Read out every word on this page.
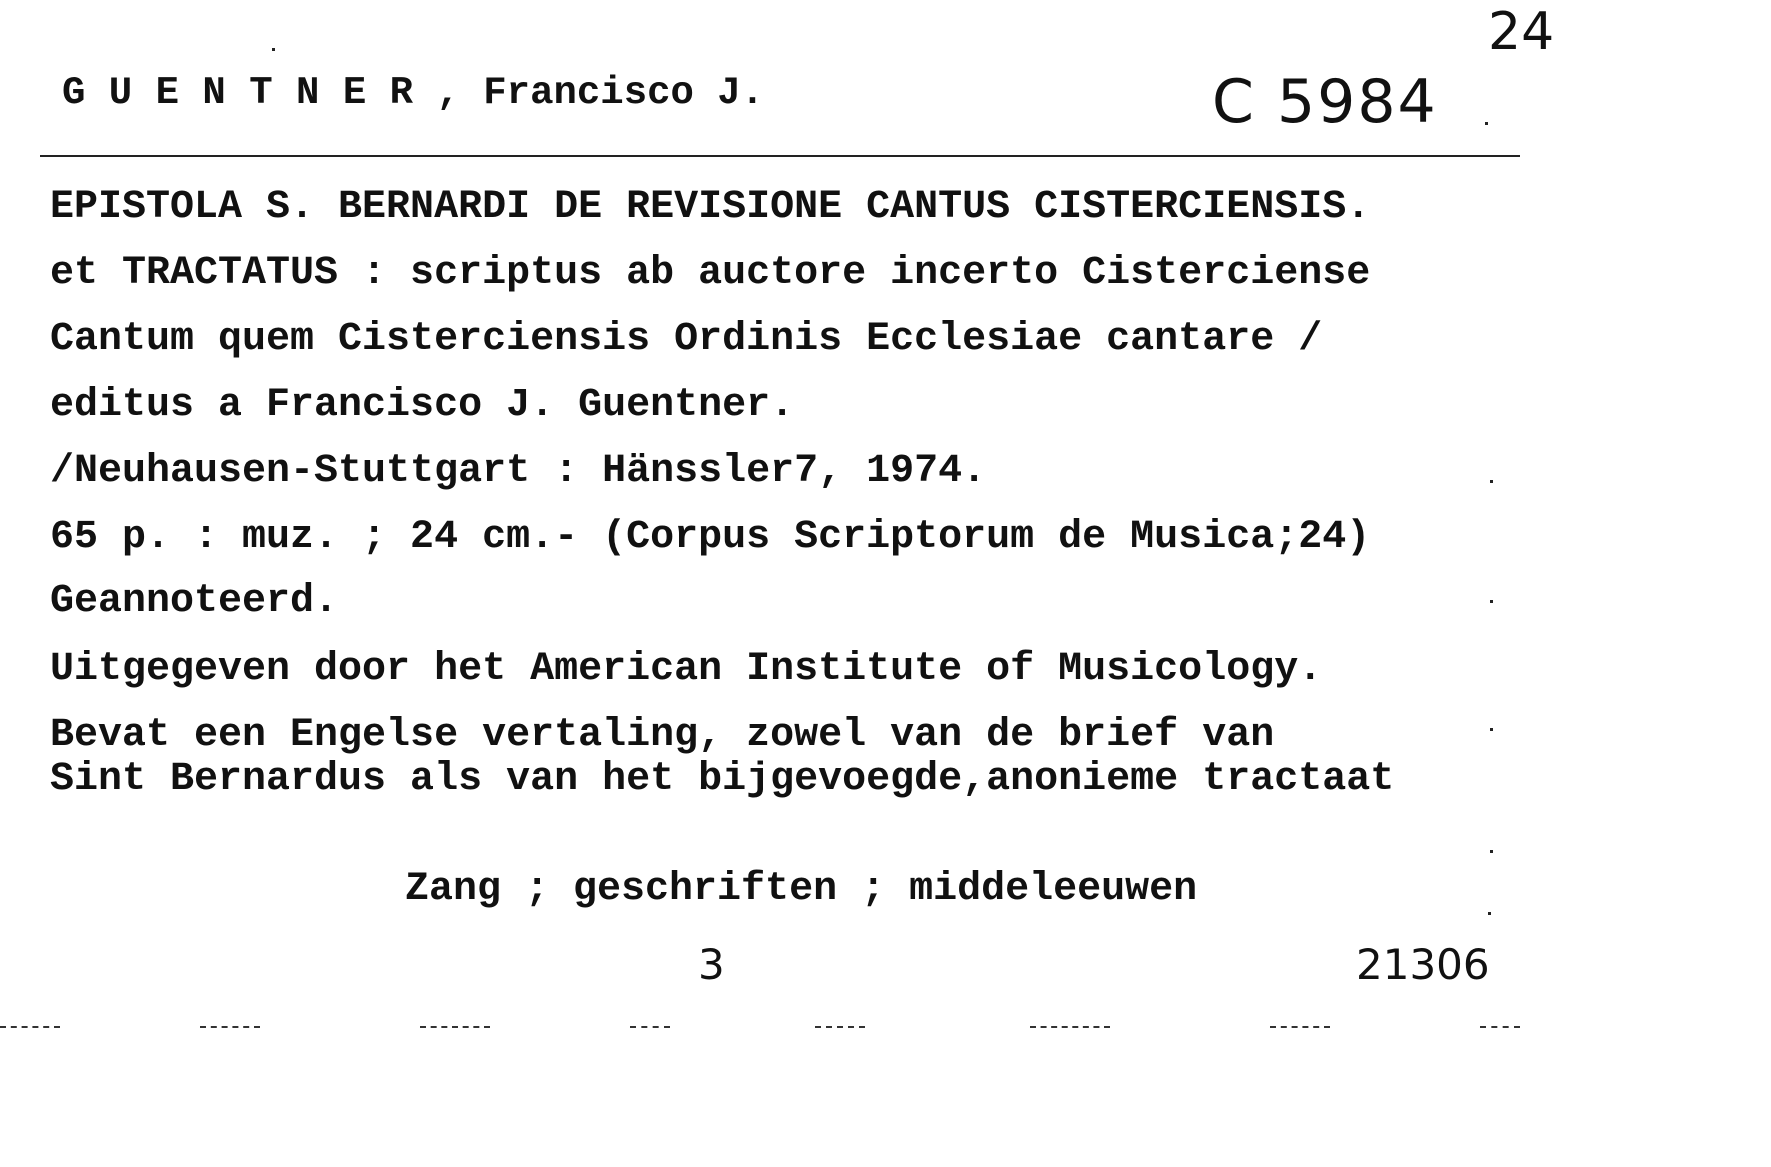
24
G U E N T N E R , Francisco J.	C 5984
EPISTOLA S. BERNARDI DE REVISIONE CANTUS CISTERCIENSIS.
et TRACTATUS : scriptus ab auctore incerto Cisterciense
Cantum quem Cisterciensis Ordinis Ecclesiae cantare /
editus a Francisco J. Guentner.
/Neuhausen-Stuttgart : Hänssler7, 1974.
65 p. : muz. ; 24 cm.- (Corpus Scriptorum de Musica;24)
Geannoteerd.
Uitgegeven door het American Institute of Musicology.
Bevat een Engelse vertaling, zowel van de brief van
Sint Bernardus als van het bijgevoegde,anonieme tractaat
Zang ; geschriften ; middeleeuwen
3	21306
